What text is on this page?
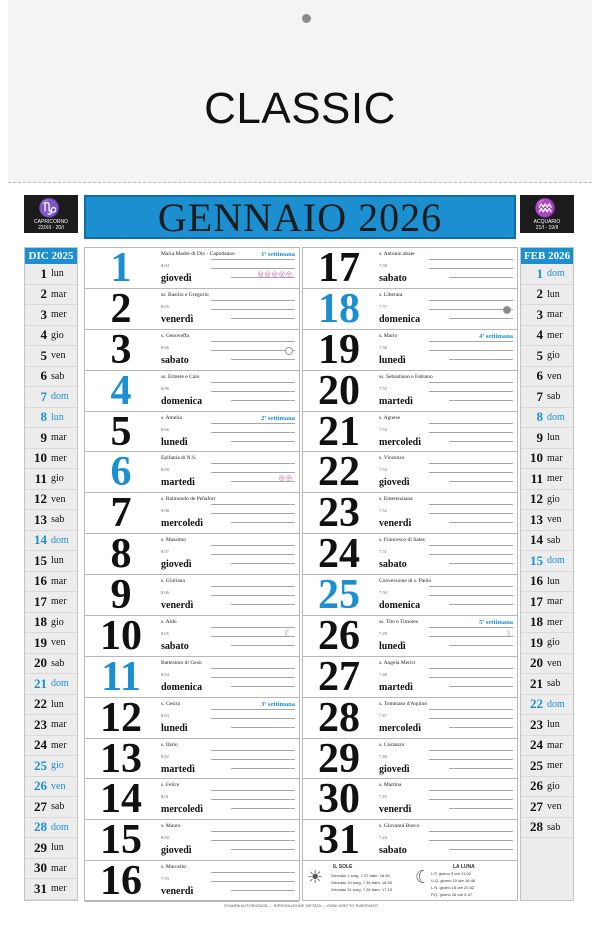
CLASSIC
♑
CAPRICORNO
22/XII - 20/I	GENNAIO 2026	♒
ACQUARIO
21/I - 19/II
DIC 2025
1 lun
2 mar
3 mer
4 gio
5 ven
6 sab
7 dom
8 lun
9 mar
10 mer
11 gio
12 ven
13 sab
14 dom
15 lun
16 mar
17 mer
18 gio
19 ven
20 sab
21 dom
22 lun
23 mar
24 mer
25 gio
26 ven
27 sab
28 dom
29 lun
30 mar
31 mer
1	Maria Madre di Dio - Capodanno
8.04
giovedì
1ª settimana
◎◎◎◎◎
2	ss. Basilio e Gregorio
8.05
venerdì
3	s. Genoveffa
8.06
sabato
4	ss. Ermete e Caio
8.06
domenica
5	s. Amelia
8.06
lunedì
2ª settimana
6	Epifania di N.S.
8.09
martedì	◎◎
7	s. Raimondo de Peñafort
8.08
mercoledì
8	s. Massimo
8.07
giovedì
9	s. Giuliano
8.06
venerdì
10	s. Aldo
8.05
sabato
☾
11	Battesimo di Gesù
8.04
domenica
12	s. Cesira
8.03
lunedì
3ª settimana
13	s. Ilario
8.02
martedì
14	s. Felice
8.01
mercoledì
15	s. Mauro
8.00
giovedì
16	s. Marcello
7.59
venerdì
17	s. Antonio abate
7.58
sabato
18	s. Liberata
7.57
domenica
19	s. Mario
7.56
lunedì
4ª settimana
20	ss. Sebastiano e Fabiano
7.55
martedì
21	s. Agnese
7.54
mercoledì
22	s. Vincenzo
7.53
giovedì
23	s. Emerenziana
7.52
venerdì
24	s. Francesco di Sales
7.51
sabato
25	Conversione di s. Paolo
7.50
domenica
26	ss. Tito e Timoteo
7.49
lunedì
5ª settimana
☽
27	s. Angela Merici
7.48
martedì
28	s. Tommaso d'Aquino
7.47
mercoledì
29	s. Costanzo
7.46
giovedì
30	s. Martina
7.45
venerdì
31	s. Giovanni Bosco
7.44
sabato
☀	☾
IL SOLE	LA LUNA
Gennaio 1 sorg. 7.37 tram. 16.46
Gennaio 15 sorg. 7.35 tram. 16.59
Gennaio 31 sorg. 7.26 tram. 17.19
L.P. giorno 3 ore 11.02
U.Q. giorno 10 ore 16.48
L.N. giorno 18 ore 20.52
P.Q. giorno 26 ore 5.47
FEB 2026
1 dom
2 lun
3 mar
4 mer
5 gio
6 ven
7 sab
8 dom
9 lun
10 mar
11 mer
12 gio
13 ven
14 sab
15 dom
16 lun
17 mar
18 mer
19 gio
20 ven
21 sab
22 dom
23 lun
24 mar
25 mer
26 gio
27 ven
28 sab
STAMPA AUTORIZZATA — RIPRODUZIONE VIETATA — OGNI DIRITTO RISERVATO
